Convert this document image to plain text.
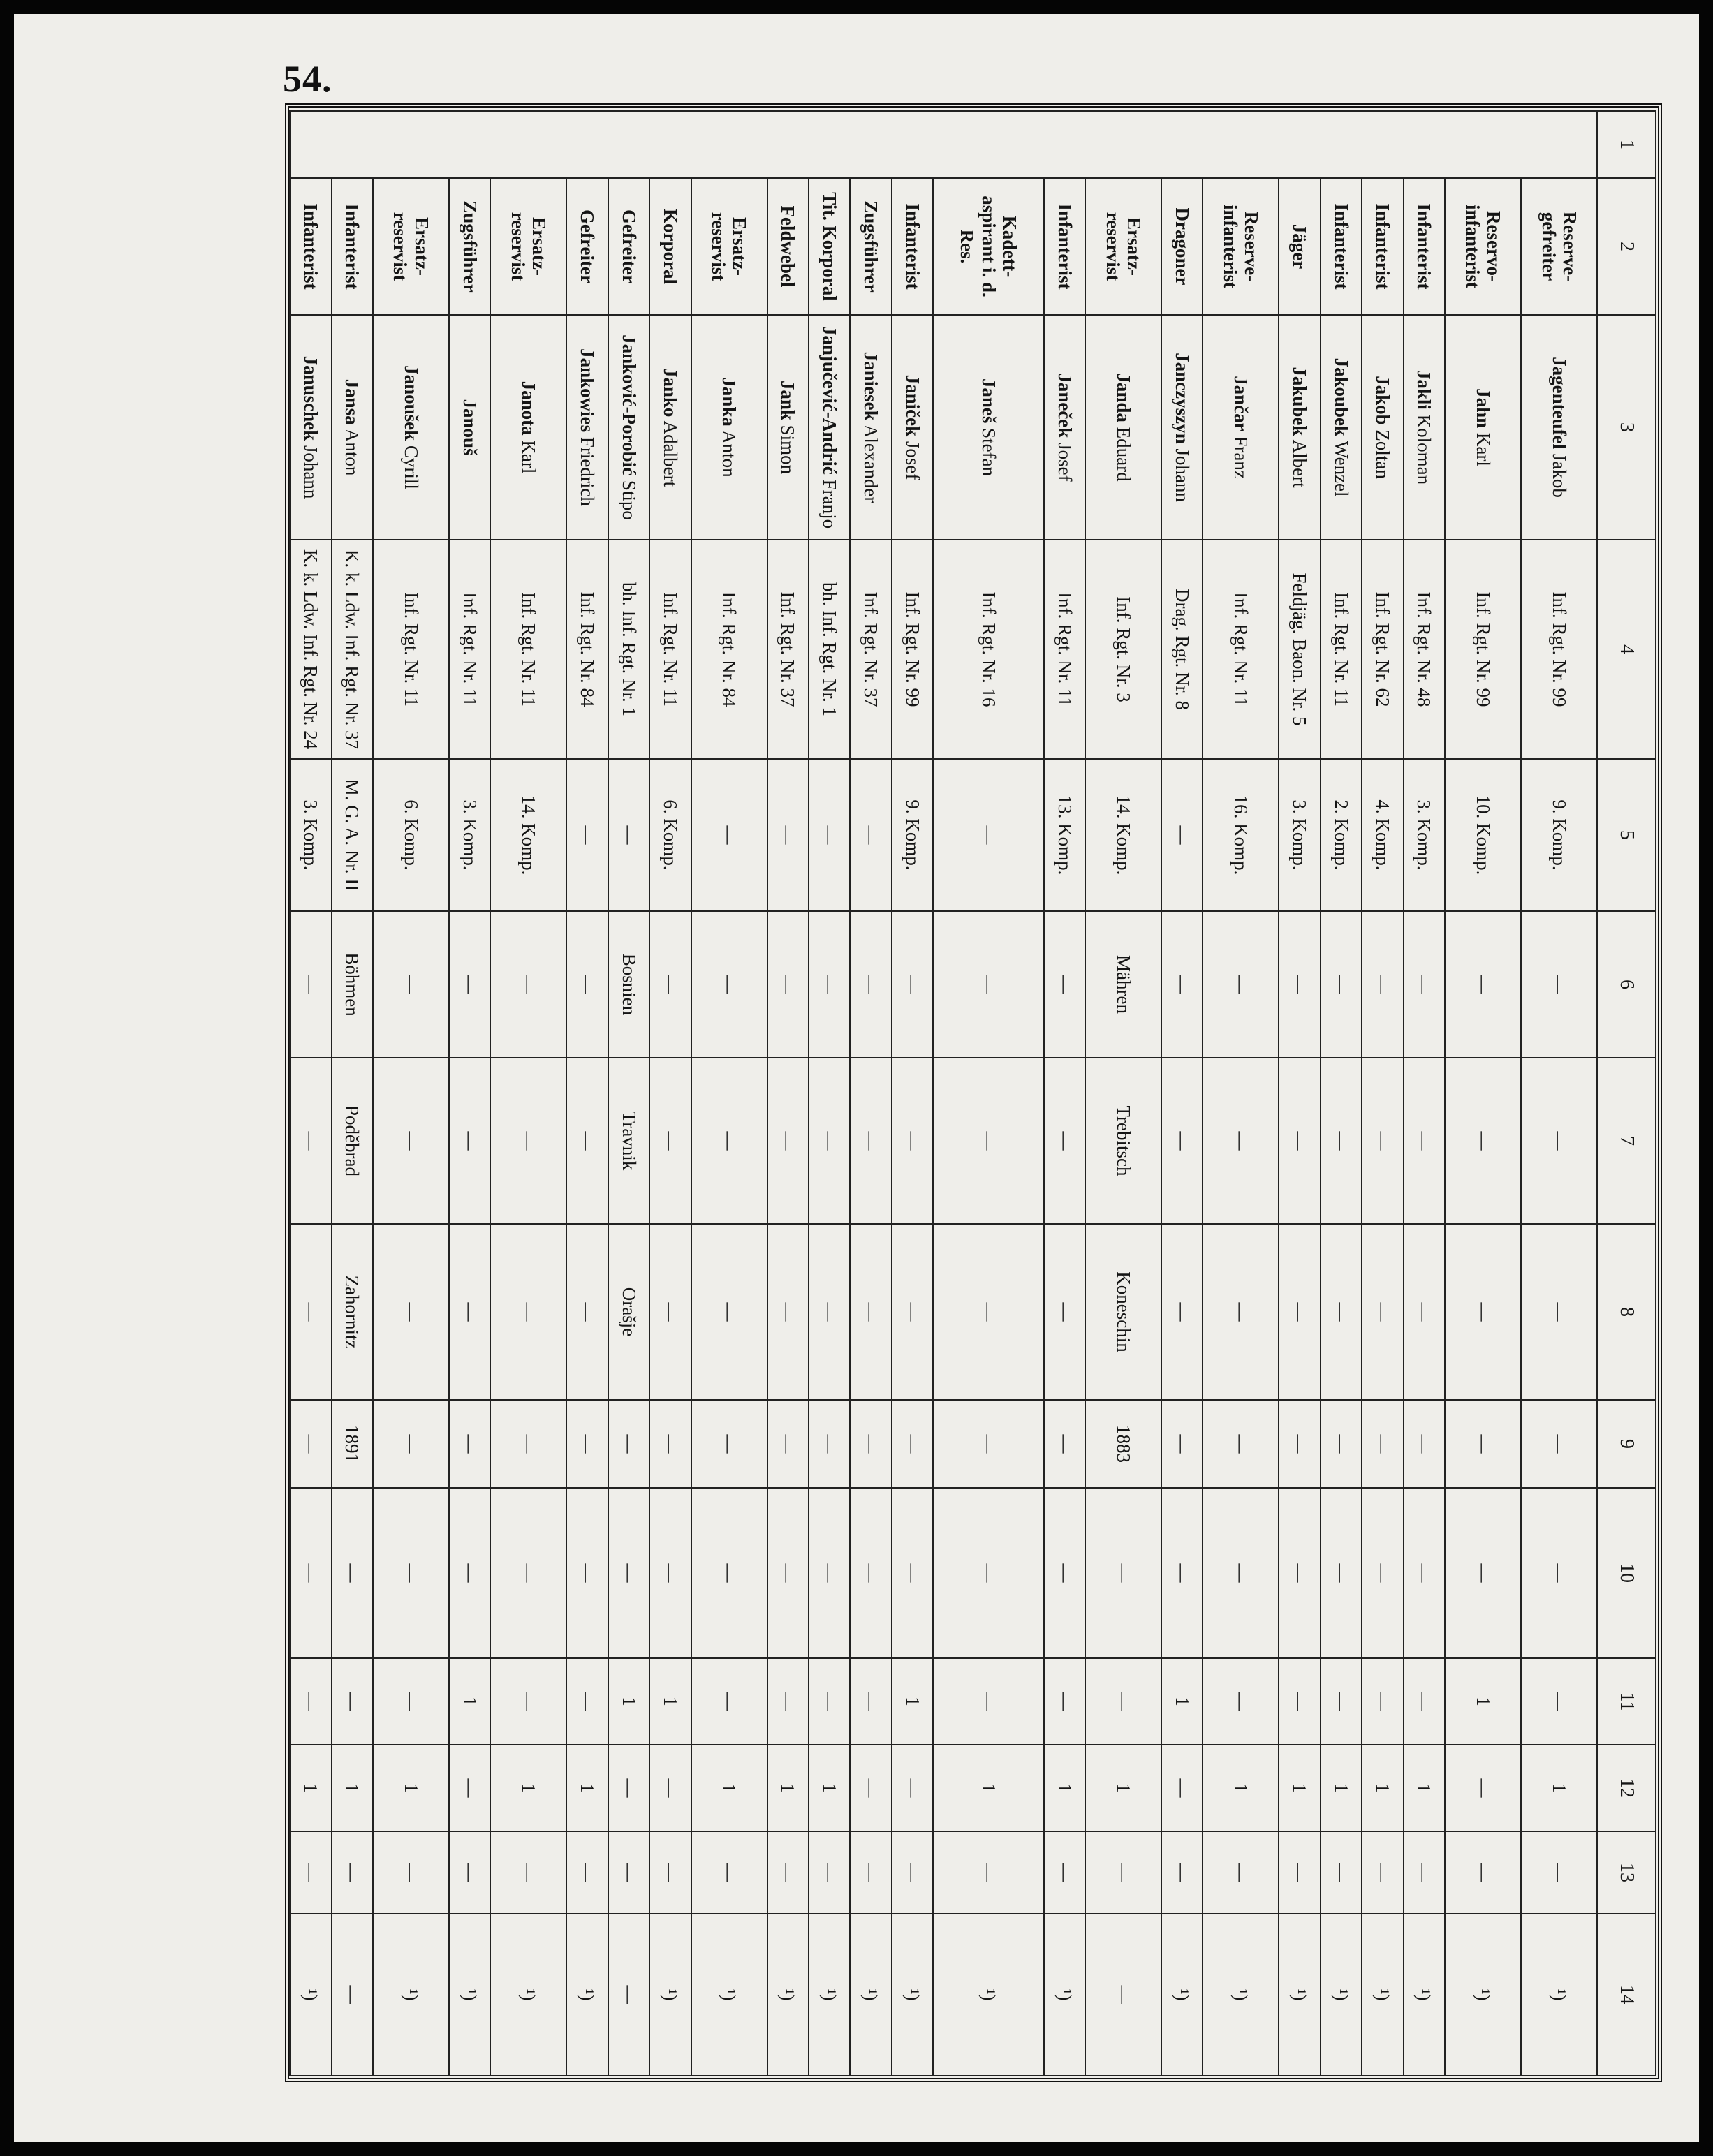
54.
1	2	3	4	5	6	7	8	9	10	11	12	13	14
	Reserve-gefreiter	Jagenteufel Jakob	Inf. Rgt. Nr. 99	9. Komp.	—	—	—	—	—	—	1	—	¹)
	Reservo-infanterist	Jahn Karl	Inf. Rgt. Nr. 99	10. Komp.	—	—	—	—	—	1	—	—	¹)
	Infanterist	Jakli Koloman	Inf. Rgt. Nr. 48	3. Komp.	—	—	—	—	—	—	1	—	¹)
	Infanterist	Jakob Zoltan	Inf. Rgt. Nr. 62	4. Komp.	—	—	—	—	—	—	1	—	¹)
	Infanterist	Jakoubek Wenzel	Inf. Rgt. Nr. 11	2. Komp.	—	—	—	—	—	—	1	—	¹)
	Jäger	Jakubek Albert	Feldjäg. Baon. Nr. 5	3. Komp.	—	—	—	—	—	—	1	—	¹)
	Reserve-infanterist	Jančar Franz	Inf. Rgt. Nr. 11	16. Komp.	—	—	—	—	—	—	1	—	¹)
	Dragoner	Janczyszyn Johann	Drag. Rgt. Nr. 8	—	—	—	—	—	—	1	—	—	¹)
	Ersatz-reservist	Janda Eduard	Inf. Rgt. Nr. 3	14. Komp.	Mähren	Trebitsch	Koneschin	1883	—	—	1	—	—
	Infanterist	Janeček Josef	Inf. Rgt. Nr. 11	13. Komp.	—	—	—	—	—	—	1	—	¹)
	Kadett-aspirant i. d. Res.	Janeš Stefan	Inf. Rgt. Nr. 16	—	—	—	—	—	—	—	1	—	¹)
	Infanterist	Janiček Josef	Inf. Rgt. Nr. 99	9. Komp.	—	—	—	—	—	1	—	—	¹)
	Zugsführer	Janiesek Alexander	Inf. Rgt. Nr. 37	—	—	—	—	—	—	—	—	—	¹)
	Tit. Korporal	Janjučević-Andrić Franjo	bh. Inf. Rgt. Nr. 1	—	—	—	—	—	—	—	1	—	¹)
	Feldwebel	Jank Simon	Inf. Rgt. Nr. 37	—	—	—	—	—	—	—	1	—	¹)
	Ersatz-reservist	Janka Anton	Inf. Rgt. Nr. 84	—	—	—	—	—	—	—	1	—	¹)
	Korporal	Janko Adalbert	Inf. Rgt. Nr. 11	6. Komp.	—	—	—	—	—	1	—	—	¹)
	Gefreiter	Janković-Porobić Stipo	bh. Inf. Rgt. Nr. 1	—	Bosnien	Travnik	Orašje	—	—	1	—	—	—
	Gefreiter	Jankowies Friedrich	Inf. Rgt. Nr. 84	—	—	—	—	—	—	—	1	—	¹)
	Ersatz-reservist	Janota Karl	Inf. Rgt. Nr. 11	14. Komp.	—	—	—	—	—	—	1	—	¹)
	Zugsführer	Janouš	Inf. Rgt. Nr. 11	3. Komp.	—	—	—	—	—	1	—	—	¹)
	Ersatz-reservist	Janoušek Cyrill	Inf. Rgt. Nr. 11	6. Komp.	—	—	—	—	—	—	1	—	¹)
	Infanterist	Jansa Anton	K. k. Ldw. Inf. Rgt. Nr. 37	M. G. A. Nr. II	Böhmen	Poděbrad	Zahornitz	1891	—	—	1	—	—
	Infanterist	Januschek Johann	K. k. Ldw. Inf. Rgt. Nr. 24	3. Komp.	—	—	—	—	—	—	1	—	¹)
